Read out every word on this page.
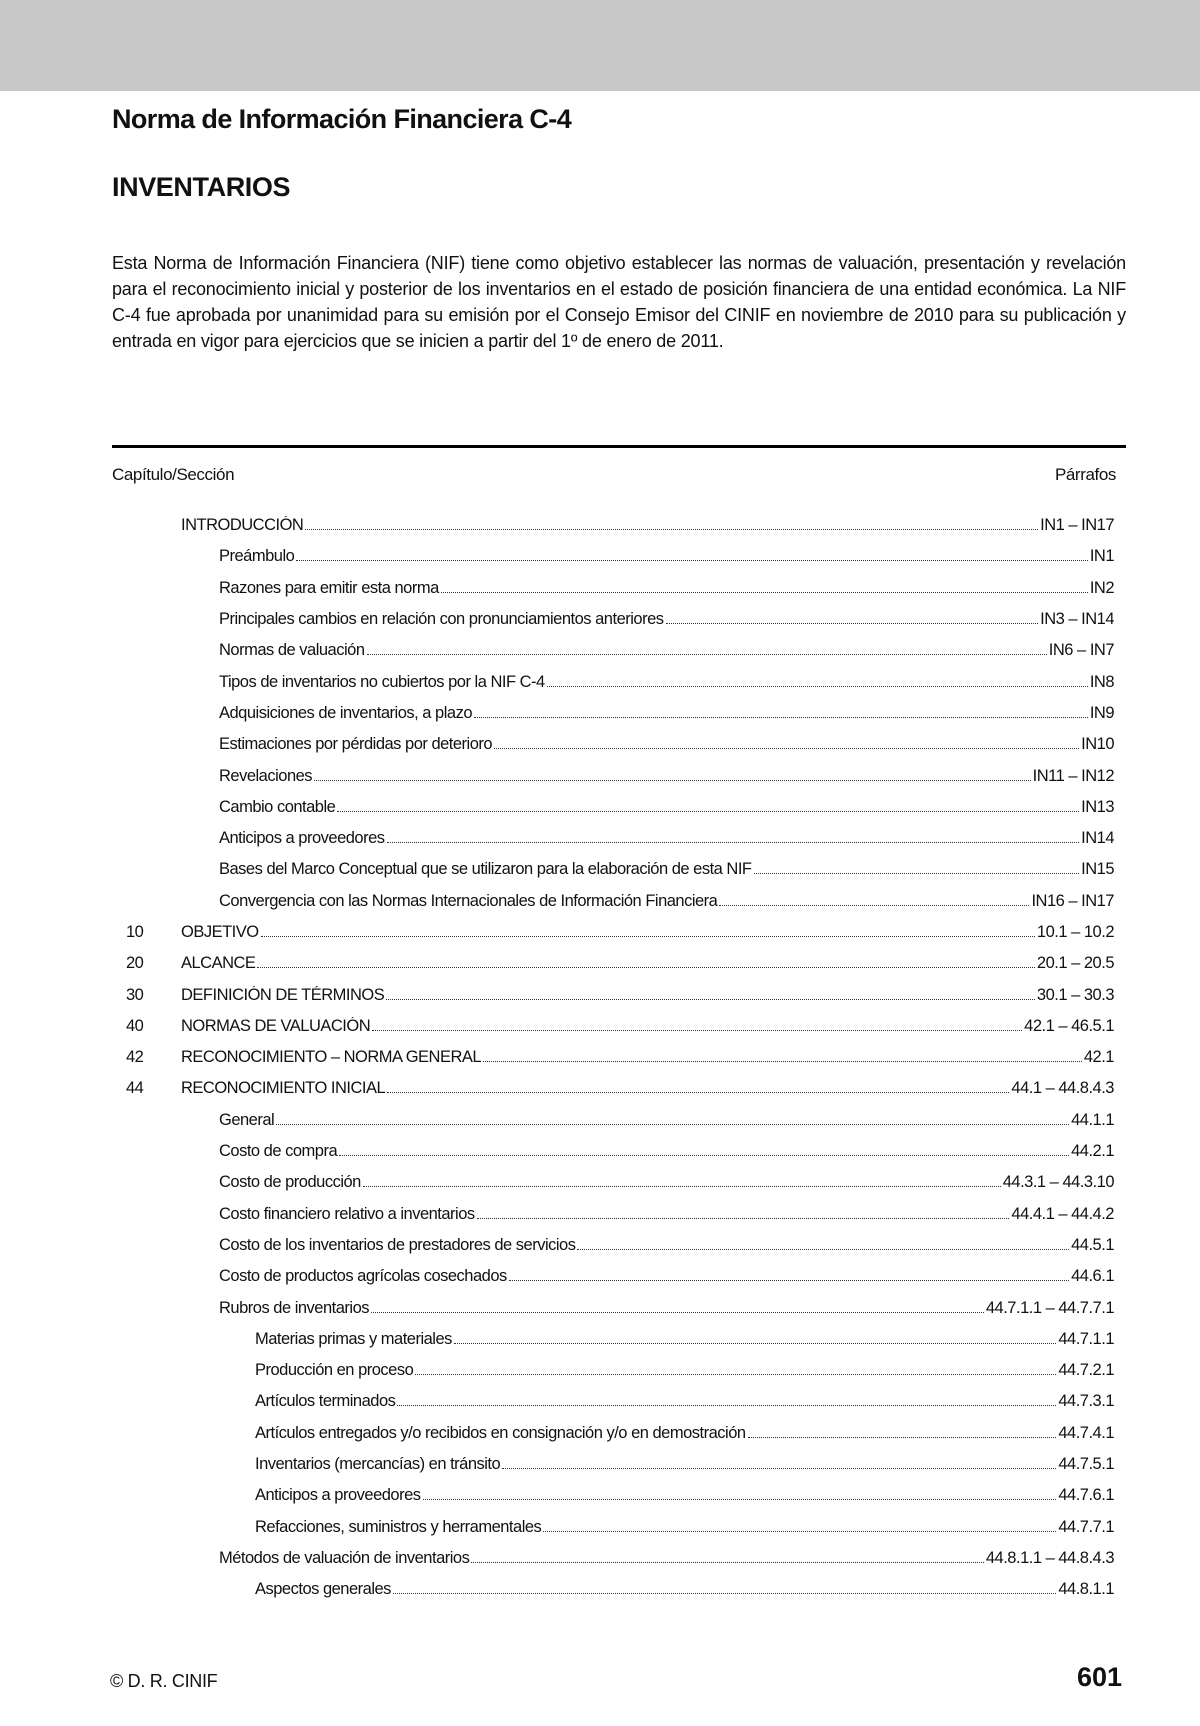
Norma de Información Financiera C-4
INVENTARIOS

Esta Norma de Información Financiera (NIF) tiene como objetivo establecer las normas de valuación, presentación y revelación para el reconocimiento inicial y posterior de los inventarios en el estado de posición financiera de una entidad económica. La NIF C-4 fue aprobada por unanimidad para su emisión por el Consejo Emisor del CINIF en noviembre de 2010 para su publicación y entrada en vigor para ejercicios que se inicien a partir del 1º de enero de 2011.

Capítulo/Sección	Párrafos
INTRODUCCIÓN	IN1 – IN17
Preámbulo	IN1
Razones para emitir esta norma	IN2
Principales cambios en relación con pronunciamientos anteriores	IN3 – IN14
Normas de valuación	IN6 – IN7
Tipos de inventarios no cubiertos por la NIF C-4	IN8
Adquisiciones de inventarios, a plazo	IN9
Estimaciones por pérdidas por deterioro	IN10
Revelaciones	IN11 – IN12
Cambio contable	IN13
Anticipos a proveedores	IN14
Bases del Marco Conceptual que se utilizaron para la elaboración de esta NIF	IN15
Convergencia con las Normas Internacionales de Información Financiera	IN16 – IN17
10	OBJETIVO	10.1 – 10.2
20	ALCANCE	20.1 – 20.5
30	DEFINICIÓN DE TÉRMINOS	30.1 – 30.3
40	NORMAS DE VALUACIÓN	42.1 – 46.5.1
42	RECONOCIMIENTO – NORMA GENERAL	42.1
44	RECONOCIMIENTO INICIAL	44.1 – 44.8.4.3
General	44.1.1
Costo de compra	44.2.1
Costo de producción	44.3.1 – 44.3.10
Costo financiero relativo a inventarios	44.4.1 – 44.4.2
Costo de los inventarios de prestadores de servicios	44.5.1
Costo de productos agrícolas cosechados	44.6.1
Rubros de inventarios	44.7.1.1 – 44.7.7.1
Materias primas y materiales	44.7.1.1
Producción en proceso	44.7.2.1
Artículos terminados	44.7.3.1
Artículos entregados y/o recibidos en consignación y/o en demostración	44.7.4.1
Inventarios (mercancías) en tránsito	44.7.5.1
Anticipos a proveedores	44.7.6.1
Refacciones, suministros y herramentales	44.7.7.1
Métodos de valuación de inventarios	44.8.1.1 – 44.8.4.3
Aspectos generales	44.8.1.1
© D. R. CINIF	601
